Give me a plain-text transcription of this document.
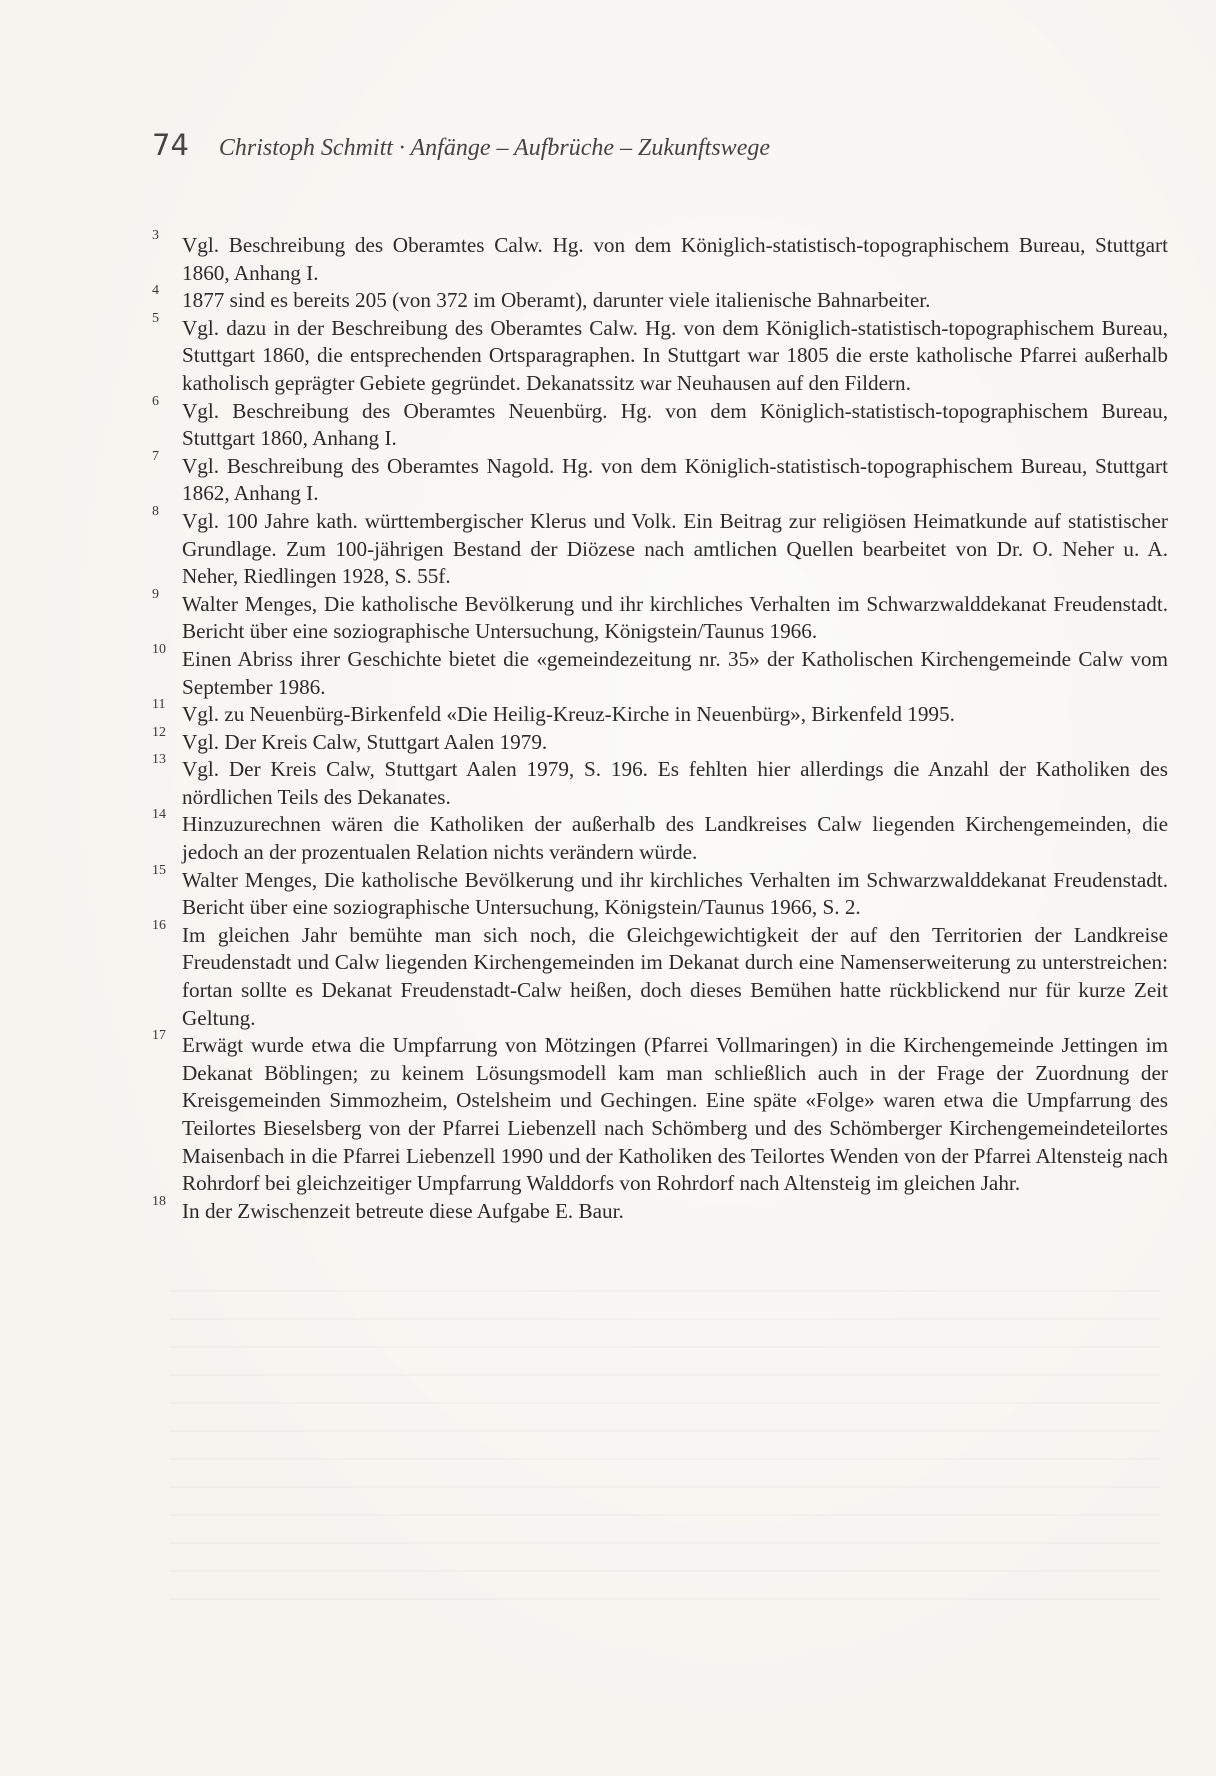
74 Christoph Schmitt · Anfänge – Aufbrüche – Zukunftswege
3	Vgl. Beschreibung des Oberamtes Calw. Hg. von dem Königlich-statistisch-topographischem Bureau, Stuttgart 1860, Anhang I.
4	1877 sind es bereits 205 (von 372 im Oberamt), darunter viele italienische Bahnarbeiter.
5	Vgl. dazu in der Beschreibung des Oberamtes Calw. Hg. von dem Königlich-statistisch-topographischem Bureau, Stuttgart 1860, die entsprechenden Ortsparagraphen. In Stuttgart war 1805 die erste katholische Pfarrei außerhalb katholisch geprägter Gebiete gegründet. Dekanatssitz war Neuhausen auf den Fildern.
6	Vgl. Beschreibung des Oberamtes Neuenbürg. Hg. von dem Königlich-statistisch-topographischem Bureau, Stuttgart 1860, Anhang I.
7	Vgl. Beschreibung des Oberamtes Nagold. Hg. von dem Königlich-statistisch-topographischem Bureau, Stuttgart 1862, Anhang I.
8	Vgl. 100 Jahre kath. württembergischer Klerus und Volk. Ein Beitrag zur religiösen Heimatkunde auf statistischer Grundlage. Zum 100-jährigen Bestand der Diözese nach amtlichen Quellen bearbeitet von Dr. O. Neher u. A. Neher, Riedlingen 1928, S. 55f.
9	Walter Menges, Die katholische Bevölkerung und ihr kirchliches Verhalten im Schwarzwalddekanat Freudenstadt. Bericht über eine soziographische Untersuchung, Königstein/Taunus 1966.
10 Einen Abriss ihrer Geschichte bietet die «gemeindezeitung nr. 35» der Katholischen Kirchengemeinde Calw vom September 1986.
11 Vgl. zu Neuenbürg-Birkenfeld «Die Heilig-Kreuz-Kirche in Neuenbürg», Birkenfeld 1995.
12 Vgl. Der Kreis Calw, Stuttgart Aalen 1979.
13 Vgl. Der Kreis Calw, Stuttgart Aalen 1979, S. 196. Es fehlten hier allerdings die Anzahl der Katholiken des nördlichen Teils des Dekanates.
14 Hinzuzurechnen wären die Katholiken der außerhalb des Landkreises Calw liegenden Kirchengemeinden, die jedoch an der prozentualen Relation nichts verändern würde.
15 Walter Menges, Die katholische Bevölkerung und ihr kirchliches Verhalten im Schwarzwalddekanat Freudenstadt. Bericht über eine soziographische Untersuchung, Königstein/Taunus 1966, S. 2.
16 Im gleichen Jahr bemühte man sich noch, die Gleichgewichtigkeit der auf den Territorien der Landkreise Freudenstadt und Calw liegenden Kirchengemeinden im Dekanat durch eine Namenserweiterung zu unterstreichen: fortan sollte es Dekanat Freudenstadt-Calw heißen, doch dieses Bemühen hatte rückblickend nur für kurze Zeit Geltung.
17 Erwägt wurde etwa die Umpfarrung von Mötzingen (Pfarrei Vollmaringen) in die Kirchengemeinde Jettingen im Dekanat Böblingen; zu keinem Lösungsmodell kam man schließlich auch in der Frage der Zuordnung der Kreisgemeinden Simmozheim, Ostelsheim und Gechingen. Eine späte «Folge» waren etwa die Umpfarrung des Teilortes Bieselsberg von der Pfarrei Liebenzell nach Schömberg und des Schömberger Kirchengemeindeteilortes Maisenbach in die Pfarrei Liebenzell 1990 und der Katholiken des Teilortes Wenden von der Pfarrei Altensteig nach Rohrdorf bei gleichzeitiger Umpfarrung Walddorfs von Rohrdorf nach Altensteig im gleichen Jahr.
18 In der Zwischenzeit betreute diese Aufgabe E. Baur.
